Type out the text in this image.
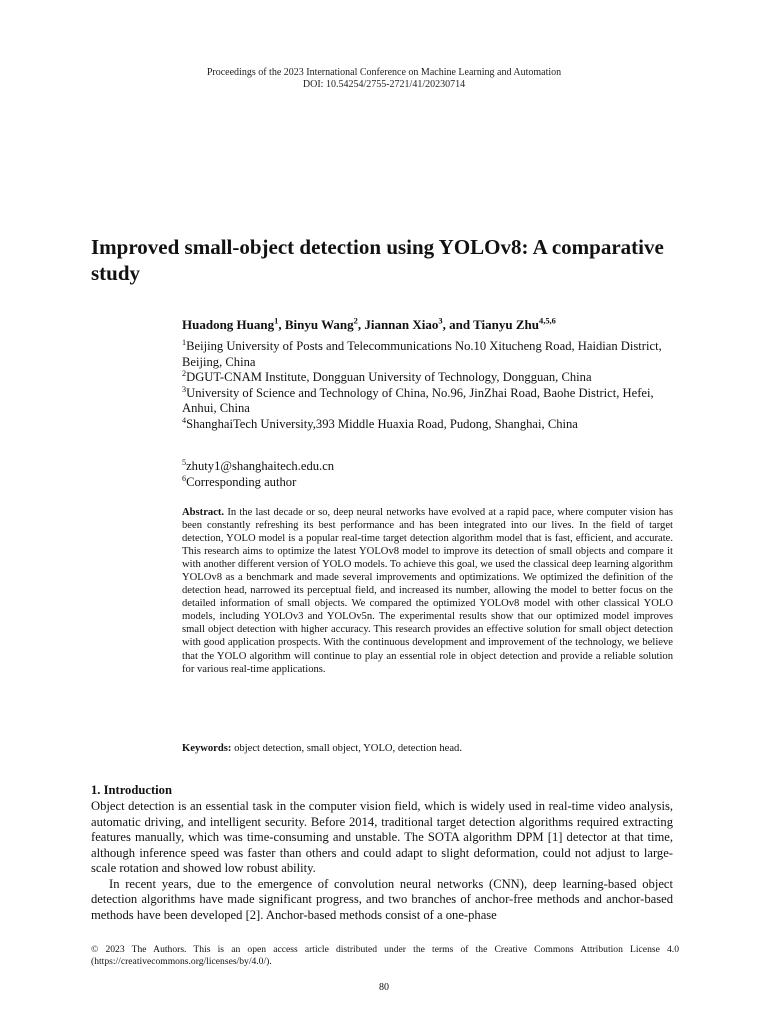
Proceedings of the 2023 International Conference on Machine Learning and Automation
DOI: 10.54254/2755-2721/41/20230714
Improved small-object detection using YOLOv8: A comparative study
Huadong Huang$^1$, Binyu Wang$^2$, Jiannan Xiao$^3$, and Tianyu Zhu$^{4,5,6}$

$^1$Beijing University of Posts and Telecommunications No.10 Xitucheng Road, Haidian District, Beijing, China

$^2$DGUT-CNAM Institute, Dongguan University of Technology, Dongguan, China

$^3$University of Science and Technology of China, No.96, JinZhai Road, Baohe District, Hefei, Anhui, China

$^4$ShanghaiTech University,393 Middle Huaxia Road, Pudong, Shanghai, China

$^5$zhuty1@shanghaitech.edu.cn

$^6$Corresponding author

Abstract. In the last decade or so, deep neural networks have evolved at a rapid pace, where computer vision has been constantly refreshing its best performance and has been integrated into our lives. In the field of target detection, YOLO model is a popular real-time target detection algorithm model that is fast, efficient, and accurate. This research aims to optimize the latest YOLOv8 model to improve its detection of small objects and compare it with another different version of YOLO models. To achieve this goal, we used the classical deep learning algorithm YOLOv8 as a benchmark and made several improvements and optimizations. We optimized the definition of the detection head, narrowed its perceptual field, and increased its number, allowing the model to better focus on the detailed information of small objects. We compared the optimized YOLOv8 model with other classical YOLO models, including YOLOv3 and YOLOv5n. The experimental results show that our optimized model improves small object detection with higher accuracy. This research provides an effective solution for small object detection with good application prospects. With the continuous development and improvement of the technology, we believe that the YOLO algorithm will continue to play an essential role in object detection and provide a reliable solution for various real-time applications.

Keywords: object detection, small object, YOLO, detection head.
1. Introduction

Object detection is an essential task in the computer vision field, which is widely used in real-time video analysis, automatic driving, and intelligent security. Before 2014, traditional target detection algorithms required extracting features manually, which was time-consuming and unstable. The SOTA algorithm DPM [1] detector at that time, although inference speed was faster than others and could adapt to slight deformation, could not adjust to large-scale rotation and showed low robust ability.

In recent years, due to the emergence of convolution neural networks (CNN), deep learning-based object detection algorithms have made significant progress, and two branches of anchor-free methods and anchor-based methods have been developed [2]. Anchor-based methods consist of a one-phase

© 2023 The Authors. This is an open access article distributed under the terms of the Creative Commons Attribution License 4.0 (https://creativecommons.org/licenses/by/4.0/).
80
